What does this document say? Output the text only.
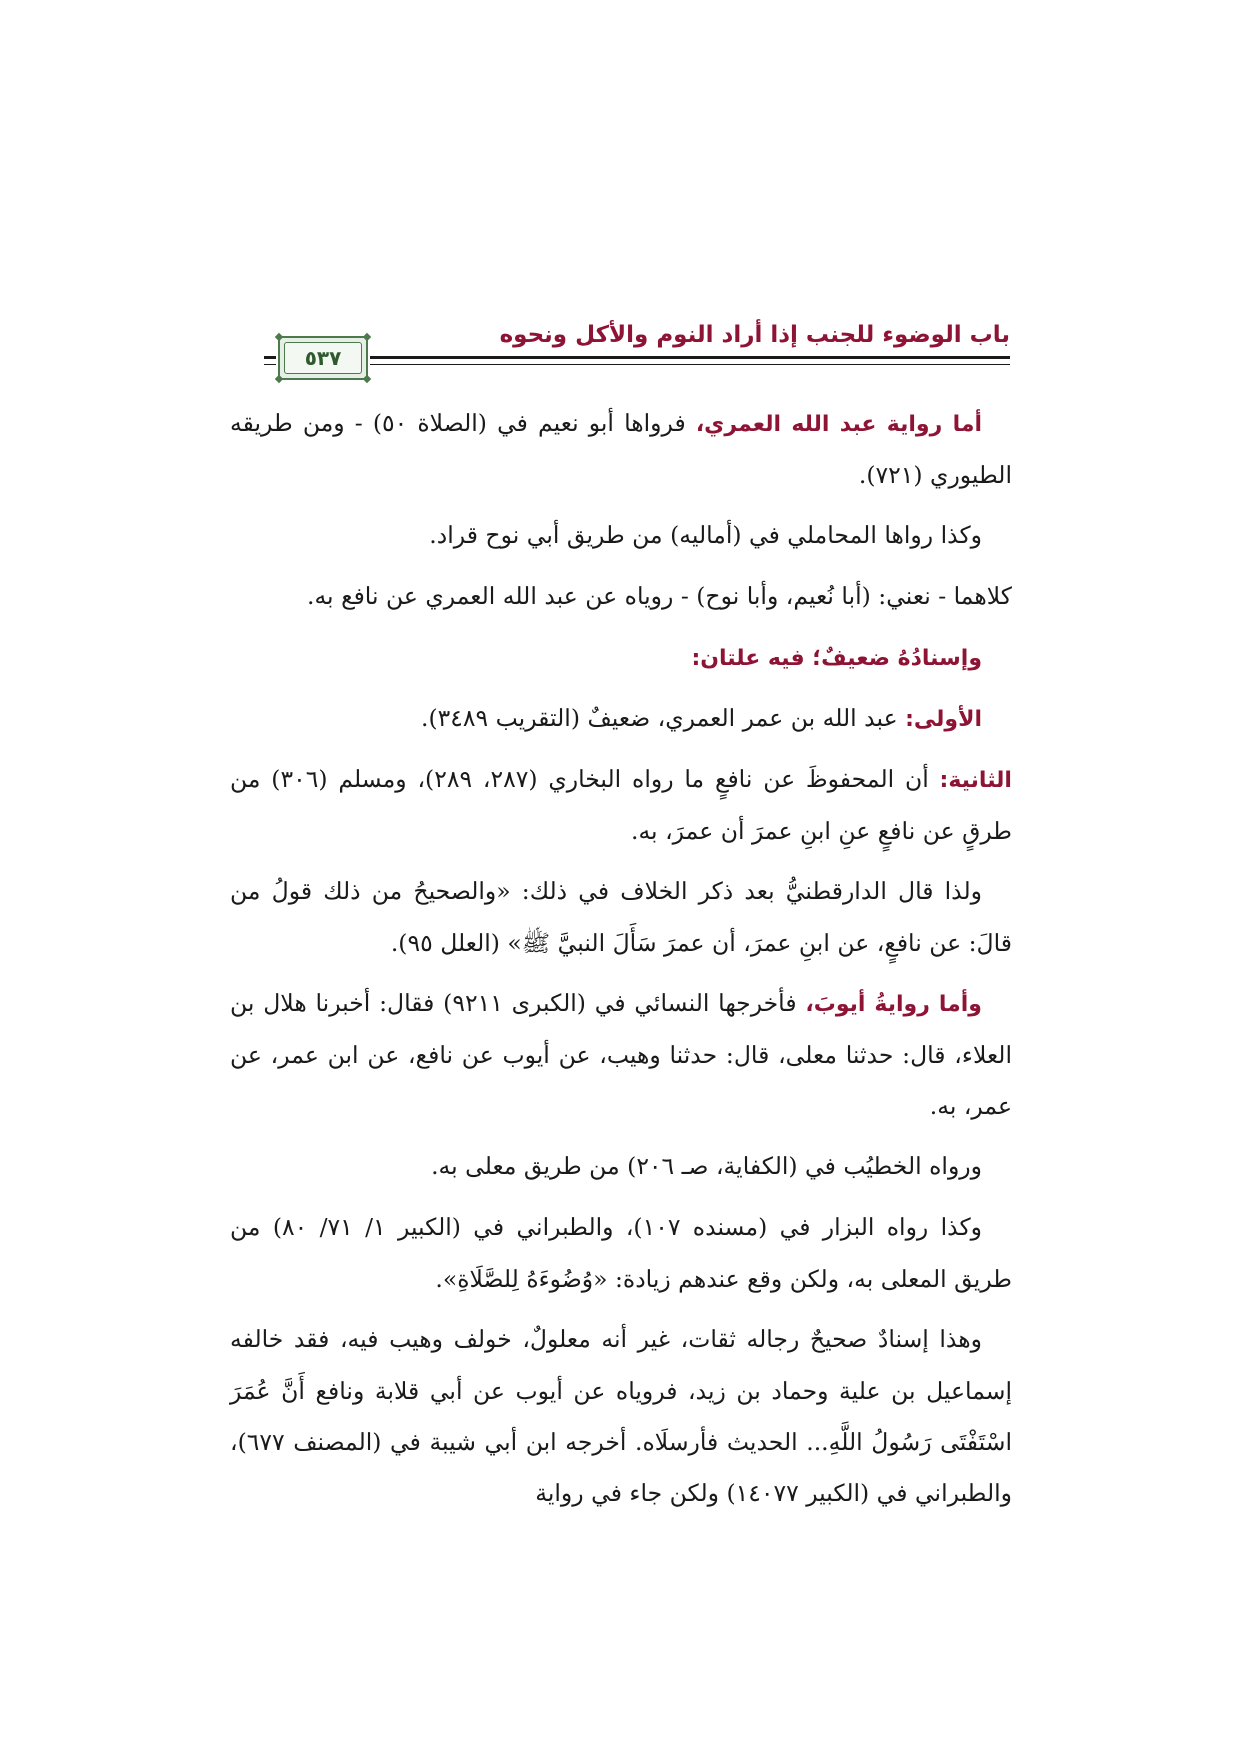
باب الوضوء للجنب إذا أراد النوم والأكل ونحوه
٥٣٧

أما رواية عبد الله العمري، فرواها أبو نعيم في (الصلاة ٥٠) - ومن طريقه الطيوري (٧٢١).

وكذا رواها المحاملي في (أماليه) من طريق أبي نوح قراد.

كلاهما - نعني: (أبا نُعيم، وأبا نوح) - روياه عن عبد الله العمري عن نافع به.

وإسنادُهُ ضعيفٌ؛ فيه علتان:

الأولى: عبد الله بن عمر العمري، ضعيفٌ (التقريب ٣٤٨٩).

الثانية: أن المحفوظَ عن نافعٍ ما رواه البخاري (٢٨٧، ٢٨٩)، ومسلم (٣٠٦) من طرقٍ عن نافعٍ عنِ ابنِ عمرَ أن عمرَ، به.

ولذا قال الدارقطنيُّ بعد ذكر الخلاف في ذلك: «والصحيحُ من ذلك قولُ من قالَ: عن نافعٍ، عن ابنِ عمرَ، أن عمرَ سَأَلَ النبيَّ ﷺ» (العلل ٩٥).

وأما روايةُ أيوبَ، فأخرجها النسائي في (الكبرى ٩٢١١) فقال: أخبرنا هلال بن العلاء، قال: حدثنا معلى، قال: حدثنا وهيب، عن أيوب عن نافع، عن ابن عمر، عن عمر، به.

ورواه الخطيُب في (الكفاية، صـ ٢٠٦) من طريق معلى به.

وكذا رواه البزار في (مسنده ١٠٧)، والطبراني في (الكبير ١/ ٧١/ ٨٠) من طريق المعلى به، ولكن وقع عندهم زيادة: «وُضُوءَهُ لِلصَّلَاةِ».

وهذا إسنادٌ صحيحٌ رجاله ثقات، غير أنه معلولٌ، خولف وهيب فيه، فقد خالفه إسماعيل بن علية وحماد بن زيد، فروياه عن أيوب عن أبي قلابة ونافع أَنَّ عُمَرَ اسْتَفْتَى رَسُولُ اللَّهِ... الحديث فأرسلَاه. أخرجه ابن أبي شيبة في (المصنف ٦٧٧)، والطبراني في (الكبير ١٤٠٧٧) ولكن جاء في رواية
